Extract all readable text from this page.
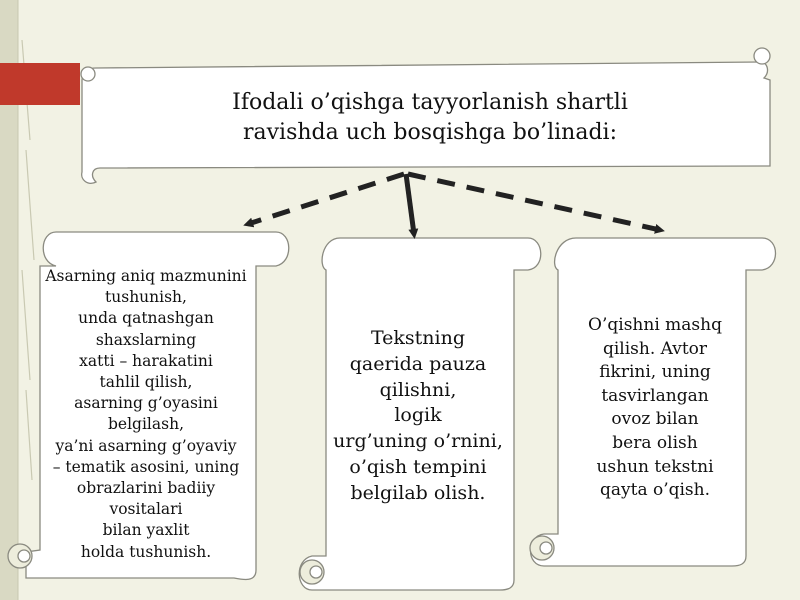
Ifodali o’qishga tayyorlanish shartli
ravishda uch bosqishga bo’linadi:
Asarning aniq mazmunini
tushunish,
unda qatnashgan
shaxslarning
xatti – harakatini
tahlil qilish,
asarning g’oyasini
belgilash,
ya’ni asarning g’oyaviy
– tematik asosini, uning
obrazlarini badiiy
vositalari
bilan yaxlit
holda tushunish.
Tekstning
qaerida pauza
qilishni,
logik
urg’uning o’rnini,
o’qish tempini
belgilab olish.
O’qishni mashq
qilish. Avtor
fikrini, uning
tasvirlangan
ovoz bilan
bera olish
ushun tekstni
qayta o’qish.
